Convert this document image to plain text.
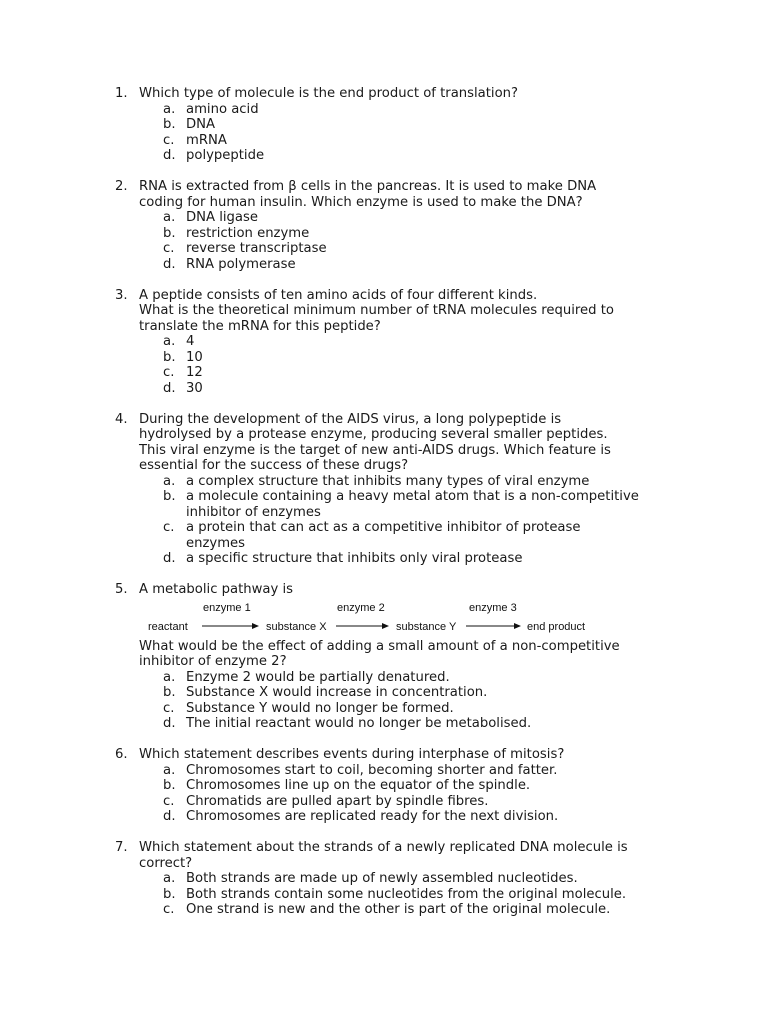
1. Which type of molecule is the end product of translation?
a. amino acid
b. DNA
c. mRNA
d. polypeptide
2. RNA is extracted from β cells in the pancreas. It is used to make DNA
coding for human insulin. Which enzyme is used to make the DNA?
a. DNA ligase
b. restriction enzyme
c. reverse transcriptase
d. RNA polymerase
3. A peptide consists of ten amino acids of four different kinds.
What is the theoretical minimum number of tRNA molecules required to
translate the mRNA for this peptide?
a. 4
b. 10
c. 12
d. 30
4. During the development of the AIDS virus, a long polypeptide is
hydrolysed by a protease enzyme, producing several smaller peptides.
This viral enzyme is the target of new anti-AIDS drugs. Which feature is
essential for the success of these drugs?
a. a complex structure that inhibits many types of viral enzyme
b. a molecule containing a heavy metal atom that is a non-competitive
inhibitor of enzymes
c. a protein that can act as a competitive inhibitor of protease
enzymes
d. a specific structure that inhibits only viral protease
5. A metabolic pathway is
reactant	substance X	substance Y	end product
enzyme 1	enzyme 2	enzyme 3
What would be the effect of adding a small amount of a non-competitive
inhibitor of enzyme 2?
a. Enzyme 2 would be partially denatured.
b. Substance X would increase in concentration.
c. Substance Y would no longer be formed.
d. The initial reactant would no longer be metabolised.
6. Which statement describes events during interphase of mitosis?
a. Chromosomes start to coil, becoming shorter and fatter.
b. Chromosomes line up on the equator of the spindle.
c. Chromatids are pulled apart by spindle fibres.
d. Chromosomes are replicated ready for the next division.
7. Which statement about the strands of a newly replicated DNA molecule is
correct?
a. Both strands are made up of newly assembled nucleotides.
b. Both strands contain some nucleotides from the original molecule.
c. One strand is new and the other is part of the original molecule.
